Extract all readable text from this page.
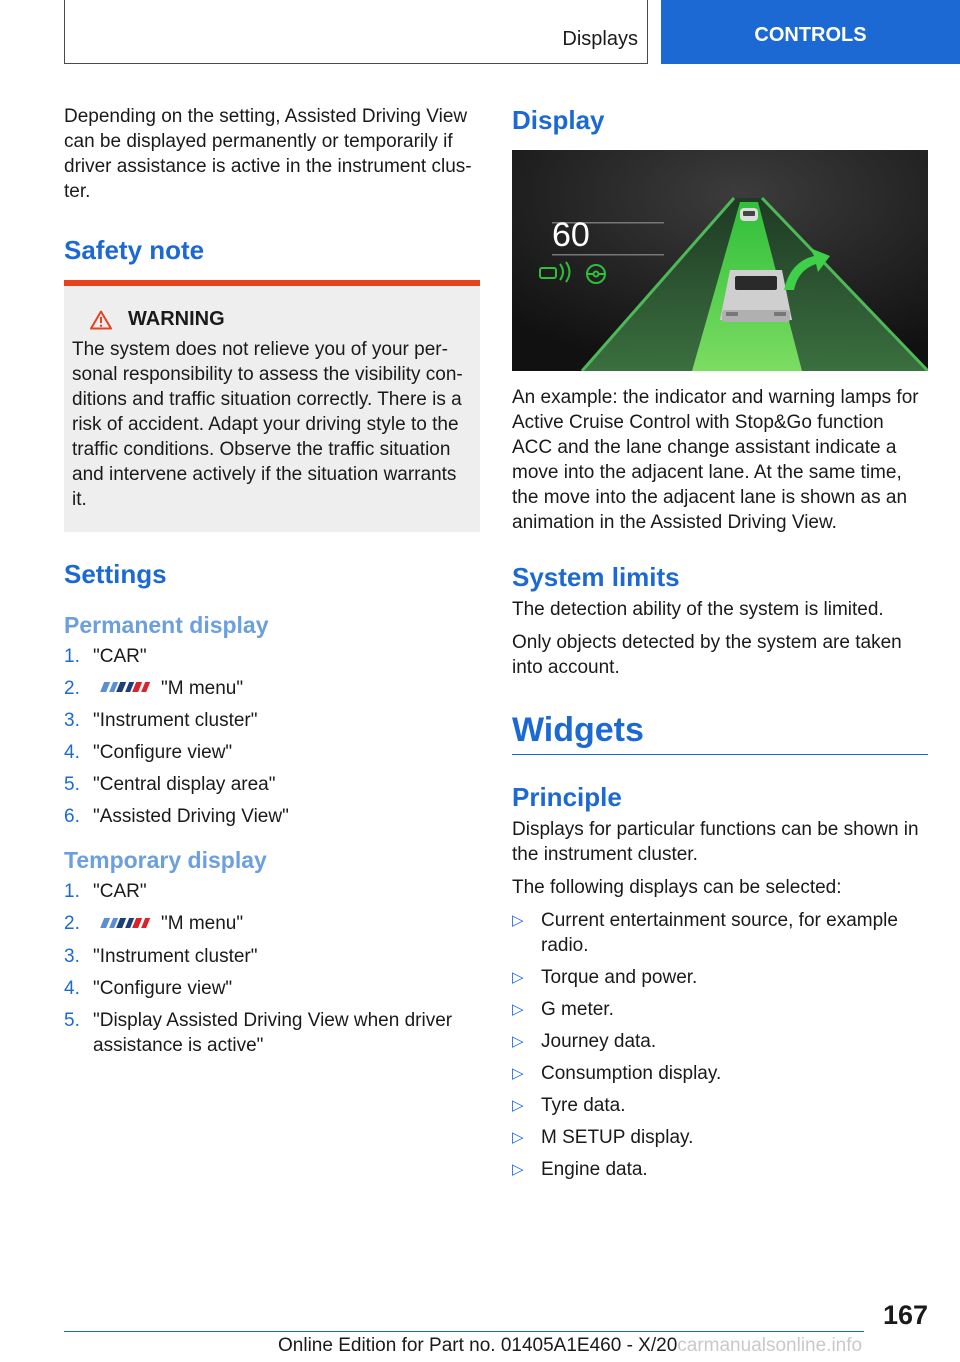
Displays	CONTROLS

Depending on the setting, Assisted Driving View can be displayed permanently or temporarily if driver assistance is active in the instrument cluster.

Safety note
WARNING

The system does not relieve you of your personal responsibility to assess the visibility conditions and traffic situation correctly. There is a risk of accident. Adapt your driving style to the traffic conditions. Observe the traffic situation and intervene actively if the situation warrants it.

Settings
Permanent display
1. "CAR"
2.	"M menu"
3. "Instrument cluster"
4. "Configure view"
5. "Central display area"
6. "Assisted Driving View"
Temporary display
1. "CAR"
2.	"M menu"
3. "Instrument cluster"
4. "Configure view"
5. "Display Assisted Driving View when driver assistance is active"
Display
60

An example: the indicator and warning lamps for Active Cruise Control with Stop&Go function ACC and the lane change assistant indicate a move into the adjacent lane. At the same time, the move into the adjacent lane is shown as an animation in the Assisted Driving View.

System limits

The detection ability of the system is limited.

Only objects detected by the system are taken into account.

Widgets
Principle

Displays for particular functions can be shown in the instrument cluster.

The following displays can be selected:

▷ Current entertainment source, for example radio.
▷ Torque and power.
▷ G meter.
▷ Journey data.
▷ Consumption display.
▷ Tyre data.
▷ M SETUP display.
▷ Engine data.
167
Online Edition for Part no. 01405A1E460 - X/20carmanualsonline.info
